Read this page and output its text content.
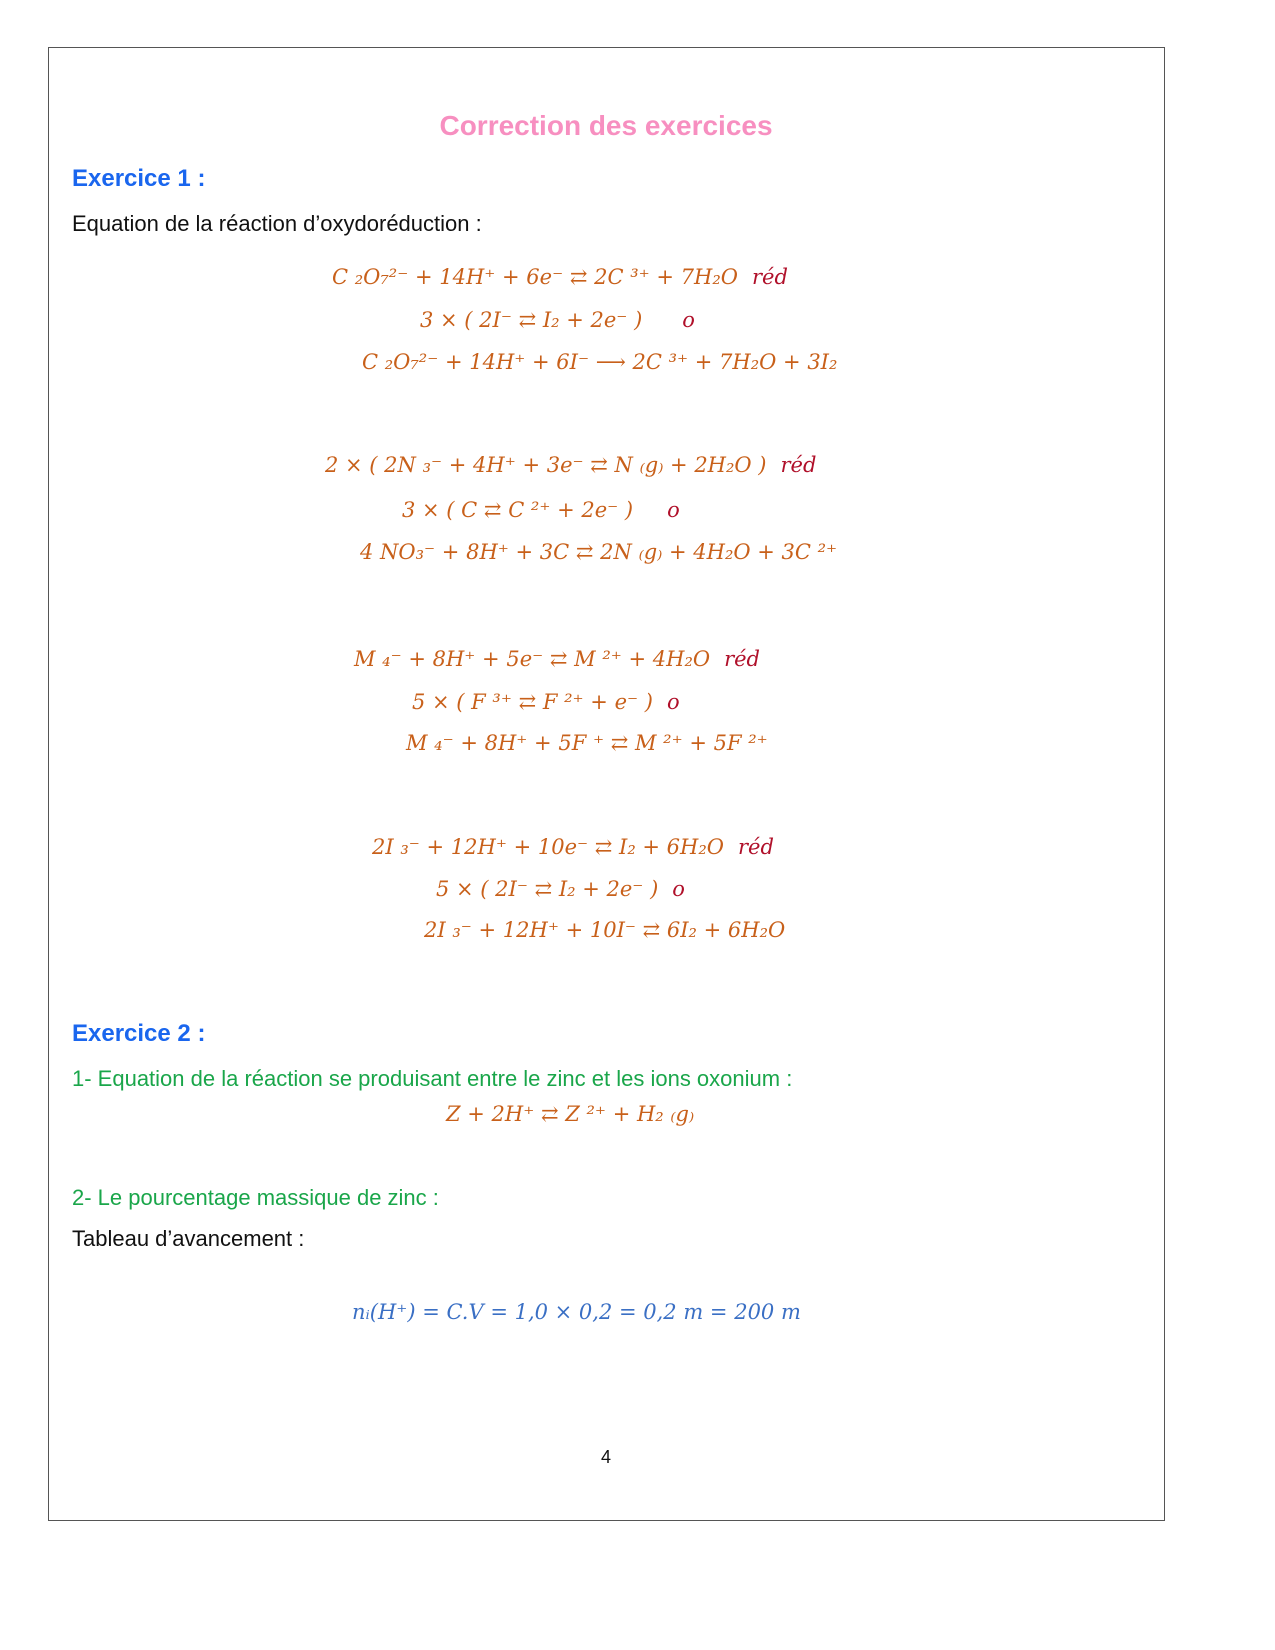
Correction des exercices
Exercice 1 :
Equation de la réaction d’oxydoréduction :
C ₂O₇²⁻ + 14H⁺ + 6e⁻ ⇄ 2C ³⁺ + 7H₂O réd
3 × ( 2I⁻ ⇄ I₂ + 2e⁻ ) o
C ₂O₇²⁻ + 14H⁺ + 6I⁻ ⟶ 2C ³⁺ + 7H₂O + 3I₂
2 × ( 2N ₃⁻ + 4H⁺ + 3e⁻ ⇄ N ₍g₎ + 2H₂O ) réd
3 × ( C ⇄ C ²⁺ + 2e⁻ ) o
4 NO₃⁻ + 8H⁺ + 3C ⇄ 2N ₍g₎ + 4H₂O + 3C ²⁺
M ₄⁻ + 8H⁺ + 5e⁻ ⇄ M ²⁺ + 4H₂O réd
5 × ( F ³⁺ ⇄ F ²⁺ + e⁻ ) o
M ₄⁻ + 8H⁺ + 5F ⁺ ⇄ M ²⁺ + 5F ²⁺
2I ₃⁻ + 12H⁺ + 10e⁻ ⇄ I₂ + 6H₂O réd
5 × ( 2I⁻ ⇄ I₂ + 2e⁻ ) o
2I ₃⁻ + 12H⁺ + 10I⁻ ⇄ 6I₂ + 6H₂O
Exercice 2 :
1- Equation de la réaction se produisant entre le zinc et les ions oxonium :
Z + 2H⁺ ⇄ Z ²⁺ + H₂ ₍g₎
2- Le pourcentage massique de zinc :
Tableau d’avancement :
nᵢ(H⁺) = C.V = 1,0 × 0,2 = 0,2 m = 200 m
4
